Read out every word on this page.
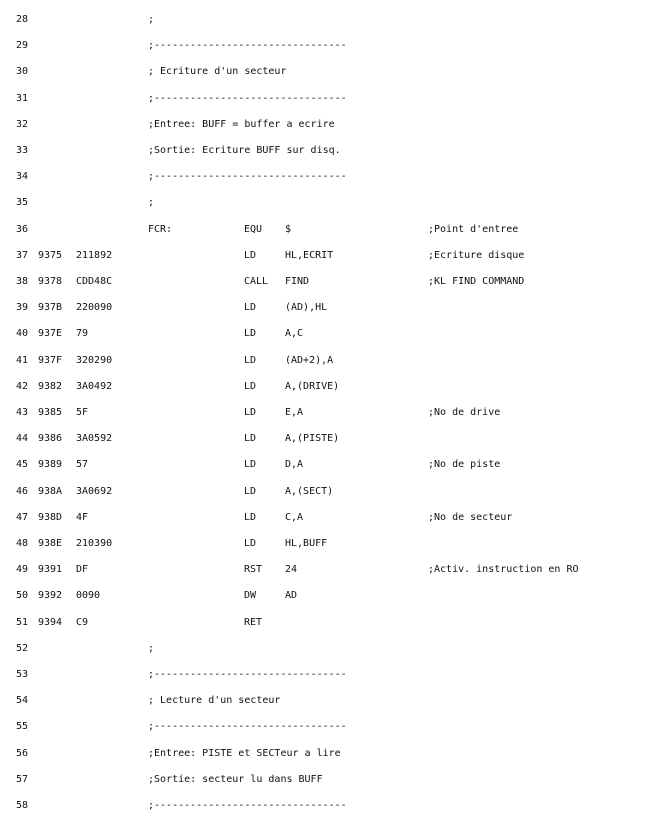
28	;
29	;--------------------------------
30	; Ecriture d'un secteur
31	;--------------------------------
32	;Entree: BUFF = buffer a ecrire
33	;Sortie: Ecriture BUFF sur disq.
34	;--------------------------------
35	;
36	FCR:	EQU $	;Point d'entree
37 9375 211892	LD	HL,ECRIT	;Ecriture disque
38 9378 CDD48C	CALL FIND	;KL FIND COMMAND
39 937B 220090	LD	(AD),HL
40 937E 79	LD	A,C
41 937F 320290	LD	(AD+2),A
42 9382 3A0492	LD	A,(DRIVE)
43 9385 5F	LD	E,A	;No de drive
44 9386 3A0592	LD	A,(PISTE)
45 9389 57	LD	D,A	;No de piste
46 938A 3A0692	LD	A,(SECT)
47 938D 4F	LD	C,A	;No de secteur
48 938E 210390	LD	HL,BUFF
49 9391 DF	RST 24	;Activ. instruction en RO
50 9392 0090	DW	AD
51 9394 C9	RET
52	;
53	;--------------------------------
54	; Lecture d'un secteur
55	;--------------------------------
56	;Entree: PISTE et SECTeur a lire
57	;Sortie: secteur lu dans BUFF
58	;--------------------------------
